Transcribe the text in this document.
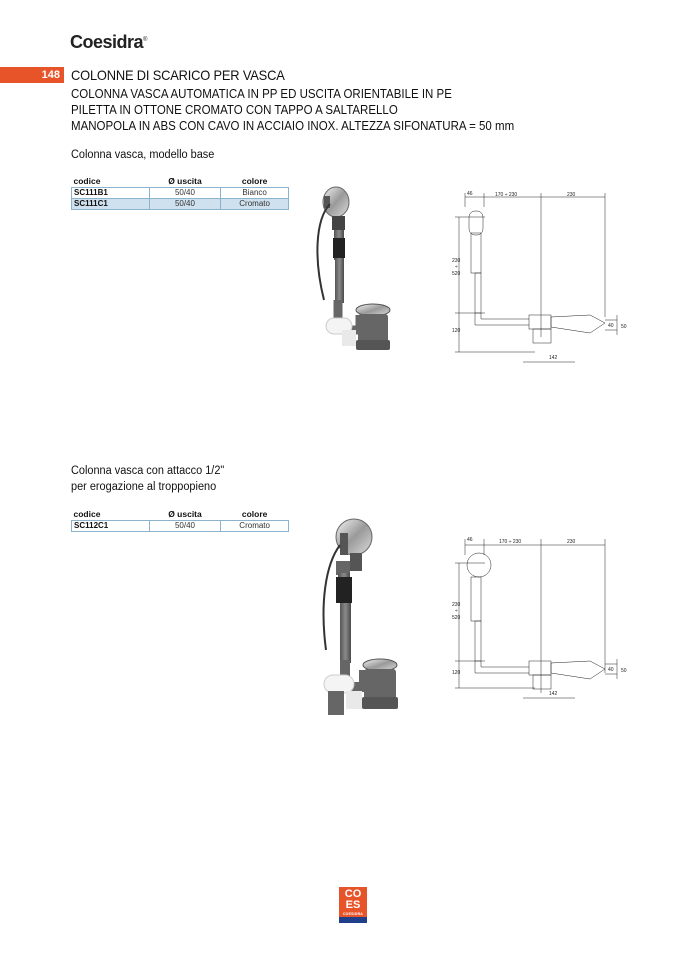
Coesidra®
148 COLONNE DI SCARICO PER VASCA
COLONNA VASCA AUTOMATICA IN PP ED USCITA ORIENTABILE IN PE
PILETTA IN OTTONE CROMATO CON TAPPO A SALTARELLO
MANOPOLA IN ABS CON CAVO IN ACCIAIO INOX. ALTEZZA SIFONATURA = 50 mm
Colonna vasca, modello base
codice	Ø uscita	colore
SC111B1	50/40	Bianco
SC111C1	50/40	Cromato
46	170 ÷ 230	230
230
÷
520
120
40 50
142
Colonna vasca con attacco 1/2"
per erogazione al troppopieno
codice	Ø uscita	colore
SC112C1	50/40	Cromato
46	170 ÷ 230	230
230
÷
520
120	40 50
142
CO
ES
COESIDRA
